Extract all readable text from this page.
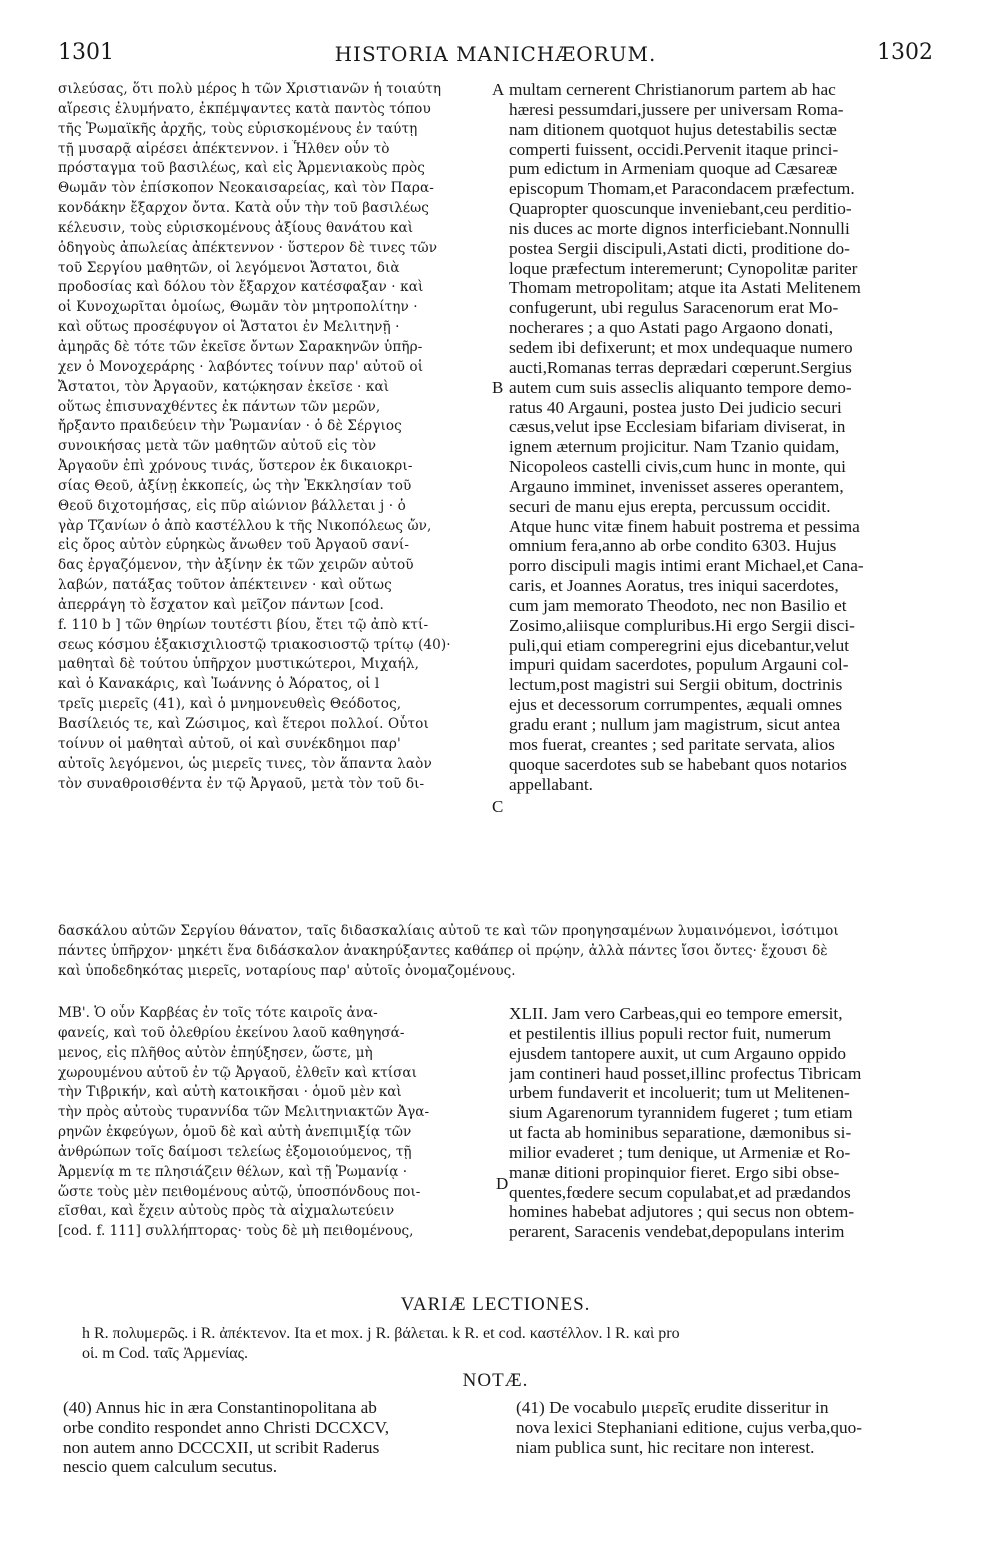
1301	HISTORIA MANICHÆORUM.	1302
σιλεύσας, ὅτι πολὺ μέρος h τῶν Χριστιανῶν ἡ τοιαύτη
αἵρεσις ἐλυμήνατο, ἐκπέμψαντες κατὰ παντὸς τόπου
τῆς Ῥωμαϊκῆς ἀρχῆς, τοὺς εὑρισκομένους ἐν ταύτῃ
τῇ μυσαρᾷ αἱρέσει ἀπέκτεννον. i Ἦλθεν οὖν τὸ
πρόσταγμα τοῦ βασιλέως, καὶ εἰς Ἀρμενιακοὺς πρὸς
Θωμᾶν τὸν ἐπίσκοπον Νεοκαισαρείας, καὶ τὸν Παρα-
κονδάκην ἔξαρχον ὄντα. Κατὰ οὖν τὴν τοῦ βασιλέως
κέλευσιν, τοὺς εὑρισκομένους ἀξίους θανάτου καὶ
ὁδηγοὺς ἀπωλείας ἀπέκτεννον · ὕστερον δὲ τινες τῶν
τοῦ Σεργίου μαθητῶν, οἱ λεγόμενοι Ἄστατοι, διὰ
προδοσίας καὶ δόλου τὸν ἔξαρχον κατέσφαξαν · καὶ
οἱ Κυνοχωρῖται ὁμοίως, Θωμᾶν τὸν μητροπολίτην ·
καὶ οὕτως προσέφυγον οἱ Ἄστατοι ἐν Μελιτηνῇ ·
ἀμηρᾶς δὲ τότε τῶν ἐκεῖσε ὄντων Σαρακηνῶν ὑπῆρ-
χεν ὁ Μονοχεράρης · λαβόντες τοίνυν παρ' αὐτοῦ οἱ
Ἄστατοι, τὸν Ἀργαοῦν, κατῴκησαν ἐκεῖσε · καὶ
οὕτως ἐπισυναχθέντες ἐκ πάντων τῶν μερῶν,
ἤρξαντο πραιδεύειν τὴν Ῥωμανίαν · ὁ δὲ Σέργιος
συνοικήσας μετὰ τῶν μαθητῶν αὐτοῦ εἰς τὸν
Ἀργαοῦν ἐπὶ χρόνους τινάς, ὕστερον ἐκ δικαιοκρι-
σίας Θεοῦ, ἀξίνῃ ἐκκοπείς, ὡς τὴν Ἐκκλησίαν τοῦ
Θεοῦ διχοτομήσας, εἰς πῦρ αἰώνιον βάλλεται j · ὁ
γὰρ Τζανίων ὁ ἀπὸ καστέλλου k τῆς Νικοπόλεως ὤν,
εἰς ὄρος αὐτὸν εὑρηκὼς ἄνωθεν τοῦ Ἀργαοῦ σανί-
δας ἐργαζόμενον, τὴν ἀξίνην ἐκ τῶν χειρῶν αὐτοῦ
λαβών, πατάξας τοῦτον ἀπέκτεινεν · καὶ οὕτως
ἀπερράγη τὸ ἔσχατον καὶ μεῖζον πάντων [cod.
f. 110 b ] τῶν θηρίων τουτέστι βίου, ἔτει τῷ ἀπὸ κτί-
σεως κόσμου ἑξακισχιλιοστῷ τριακοσιοστῷ τρίτῳ (40)·
μαθηταὶ δὲ τούτου ὑπῆρχον μυστικώτεροι, Μιχαήλ,
καὶ ὁ Κανακάρις, καὶ Ἰωάννης ὁ Ἀόρατος, οἱ l
τρεῖς μιερεῖς (41), καὶ ὁ μνημονευθεὶς Θεόδοτος,
Βασίλειός τε, καὶ Ζώσιμος, καὶ ἕτεροι πολλοί. Οὗτοι
τοίνυν οἱ μαθηταὶ αὐτοῦ, οἱ καὶ συνέκδημοι παρ'
αὐτοῖς λεγόμενοι, ὡς μιερεῖς τινες, τὸν ἅπαντα λαὸν
τὸν συναθροισθέντα ἐν τῷ Ἀργαοῦ, μετὰ τὸν τοῦ δι-
multam cernerent Christianorum partem ab hac
hæresi pessumdari,jussere per universam Roma-
nam ditionem quotquot hujus detestabilis sectæ
comperti fuissent, occidi.Pervenit itaque princi-
pum edictum in Armeniam quoque ad Cæsareæ
episcopum Thomam,et Paracondacem præfectum.
Quapropter quoscunque inveniebant,ceu perditio-
nis duces ac morte dignos interficiebant.Nonnulli
postea Sergii discipuli,Astati dicti, proditione do-
loque præfectum interemerunt; Cynopolitæ pariter
Thomam metropolitam; atque ita Astati Melitenem
confugerunt, ubi regulus Saracenorum erat Mo-
nocherares ; a quo Astati pago Argaono donati,
sedem ibi defixerunt; et mox undequaque numero
aucti,Romanas terras deprædari cœperunt.Sergius
autem cum suis asseclis aliquanto tempore demo-
ratus 40 Argauni, postea justo Dei judicio securi
cæsus,velut ipse Ecclesiam bifariam diviserat, in
ignem æternum projicitur. Nam Tzanio quidam,
Nicopoleos castelli civis,cum hunc in monte, qui
Argauno imminet, invenisset asseres operantem,
securi de manu ejus erepta, percussum occidit.
Atque hunc vitæ finem habuit postrema et pessima
omnium fera,anno ab orbe condito 6303. Hujus
porro discipuli magis intimi erant Michael,et Cana-
caris, et Joannes Aoratus, tres iniqui sacerdotes,
cum jam memorato Theodoto, nec non Basilio et
Zosimo,aliisque compluribus.Hi ergo Sergii disci-
puli,qui etiam comperegrini ejus dicebantur,velut
impuri quidam sacerdotes, populum Argauni col-
lectum,post magistri sui Sergii obitum, doctrinis
ejus et decessorum corrumpentes, æquali omnes
gradu erant ; nullum jam magistrum, sicut antea
mos fuerat, creantes ; sed paritate servata, alios
quoque sacerdotes sub se habebant quos notarios
appellabant.
A
B
C
D
δασκάλου αὐτῶν Σεργίου θάνατον, ταῖς διδασκαλίαις αὐτοῦ τε καὶ τῶν προηγησαμένων λυμαινόμενοι, ἰσότιμοι
πάντες ὑπῆρχον· μηκέτι ἕνα διδάσκαλον ἀνακηρύξαντες καθάπερ οἱ πρῴην, ἀλλὰ πάντες ἴσοι ὄντες· ἔχουσι δὲ
καὶ ὑποδεδηκότας μιερεῖς, νοταρίους παρ' αὐτοῖς ὀνομαζομένους.
ΜΒ'. Ὁ οὖν Καρβέας ἐν τοῖς τότε καιροῖς ἀνα-
φανείς, καὶ τοῦ ὀλεθρίου ἐκείνου λαοῦ καθηγησά-
μενος, εἰς πλῆθος αὐτὸν ἐπηύξησεν, ὥστε, μὴ
χωρουμένου αὐτοῦ ἐν τῷ Ἀργαοῦ, ἐλθεῖν καὶ κτίσαι
τὴν Τιβρικήν, καὶ αὐτὴ κατοικῆσαι · ὁμοῦ μὲν καὶ
τὴν πρὸς αὐτοὺς τυραννίδα τῶν Μελιτηνιακτῶν Ἀγα-
ρηνῶν ἐκφεύγων, ὁμοῦ δὲ καὶ αὐτὴ ἀνεπιμιξίᾳ τῶν
ἀνθρώπων τοῖς δαίμοσι τελείως ἐξομοιούμενος, τῇ
Ἀρμενίᾳ m τε πλησιάζειν θέλων, καὶ τῇ Ῥωμανίᾳ ·
ὥστε τοὺς μὲν πειθομένους αὐτῷ, ὑποσπόνδους ποι-
εῖσθαι, καὶ ἔχειν αὐτοὺς πρὸς τὰ αἰχμαλωτεύειν
[cod. f. 111] συλλήπτορας· τοὺς δὲ μὴ πειθομένους,
XLII. Jam vero Carbeas,qui eo tempore emersit,
et pestilentis illius populi rector fuit, numerum
ejusdem tantopere auxit, ut cum Argauno oppido
jam contineri haud posset,illinc profectus Tibricam
urbem fundaverit et incoluerit; tum ut Melitenen-
sium Agarenorum tyrannidem fugeret ; tum etiam
ut facta ab hominibus separatione, dæmonibus si-
milior evaderet ; tum denique, ut Armeniæ et Ro-
manæ ditioni propinquior fieret. Ergo sibi obse-
quentes,fœdere secum copulabat,et ad prædandos
homines habebat adjutores ; qui secus non obtem-
perarent, Saracenis vendebat,depopulans interim
VARIÆ LECTIONES.
h R. πολυμερῶς. i R. ἀπέκτενον. Ita et mox. j R. βάλεται. k R. et cod. καστέλλον. l R. καὶ pro
οἱ. m Cod. ταῖς Ἀρμενίας.
NOTÆ.
(40) Annus hic in æra Constantinopolitana ab
orbe condito respondet anno Christi DCCXCV,
non autem anno DCCCXII, ut scribit Raderus
nescio quem calculum secutus.
(41) De vocabulo μιερεῖς erudite disseritur in
nova lexici Stephaniani editione, cujus verba,quo-
niam publica sunt, hic recitare non interest.
